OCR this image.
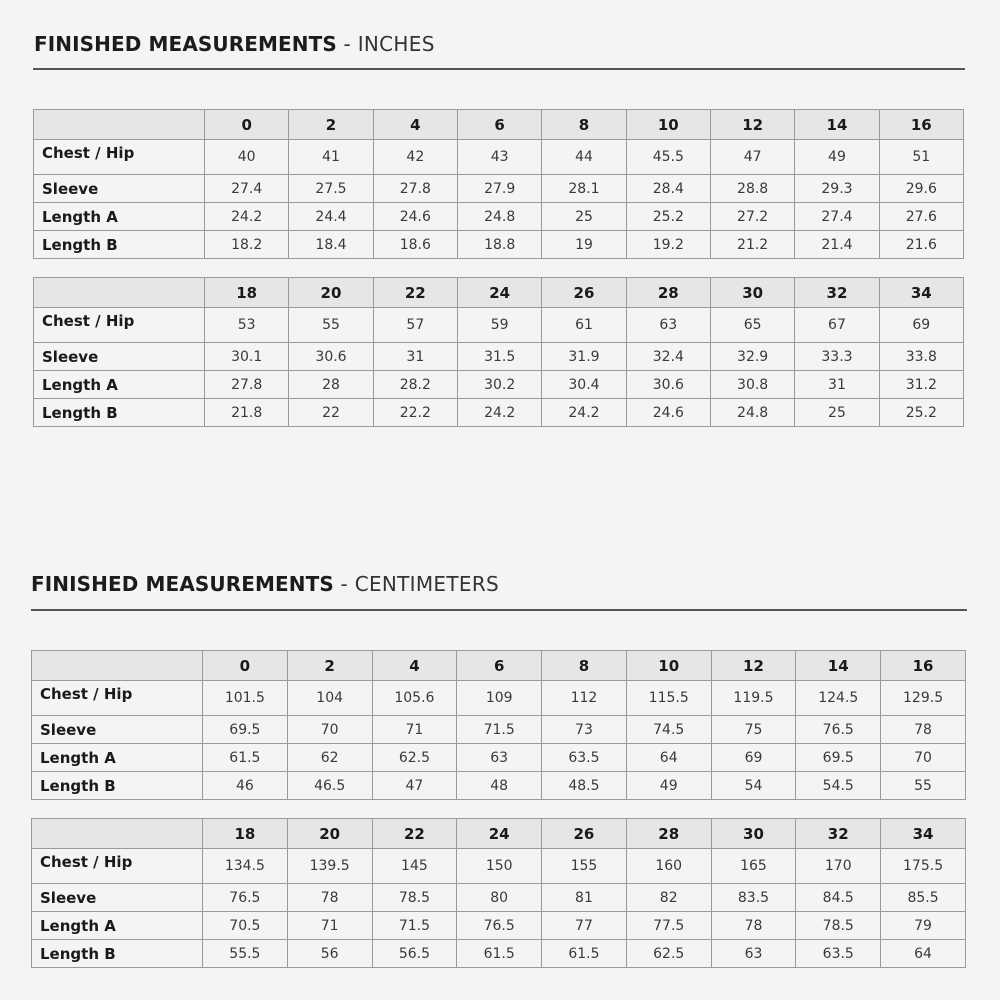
FINISHED MEASUREMENTS - INCHES
	0	2	4	6	8	10	12	14	16
Chest / Hip	40	41	42	43	44	45.5	47	49	51
Sleeve	27.4	27.5	27.8	27.9	28.1	28.4	28.8	29.3	29.6
Length A	24.2	24.4	24.6	24.8	25	25.2	27.2	27.4	27.6
Length B	18.2	18.4	18.6	18.8	19	19.2	21.2	21.4	21.6
	18	20	22	24	26	28	30	32	34
Chest / Hip	53	55	57	59	61	63	65	67	69
Sleeve	30.1	30.6	31	31.5	31.9	32.4	32.9	33.3	33.8
Length A	27.8	28	28.2	30.2	30.4	30.6	30.8	31	31.2
Length B	21.8	22	22.2	24.2	24.2	24.6	24.8	25	25.2
FINISHED MEASUREMENTS - CENTIMETERS
	0	2	4	6	8	10	12	14	16
Chest / Hip	101.5	104	105.6	109	112	115.5	119.5	124.5	129.5
Sleeve	69.5	70	71	71.5	73	74.5	75	76.5	78
Length A	61.5	62	62.5	63	63.5	64	69	69.5	70
Length B	46	46.5	47	48	48.5	49	54	54.5	55
	18	20	22	24	26	28	30	32	34
Chest / Hip	134.5	139.5	145	150	155	160	165	170	175.5
Sleeve	76.5	78	78.5	80	81	82	83.5	84.5	85.5
Length A	70.5	71	71.5	76.5	77	77.5	78	78.5	79
Length B	55.5	56	56.5	61.5	61.5	62.5	63	63.5	64
